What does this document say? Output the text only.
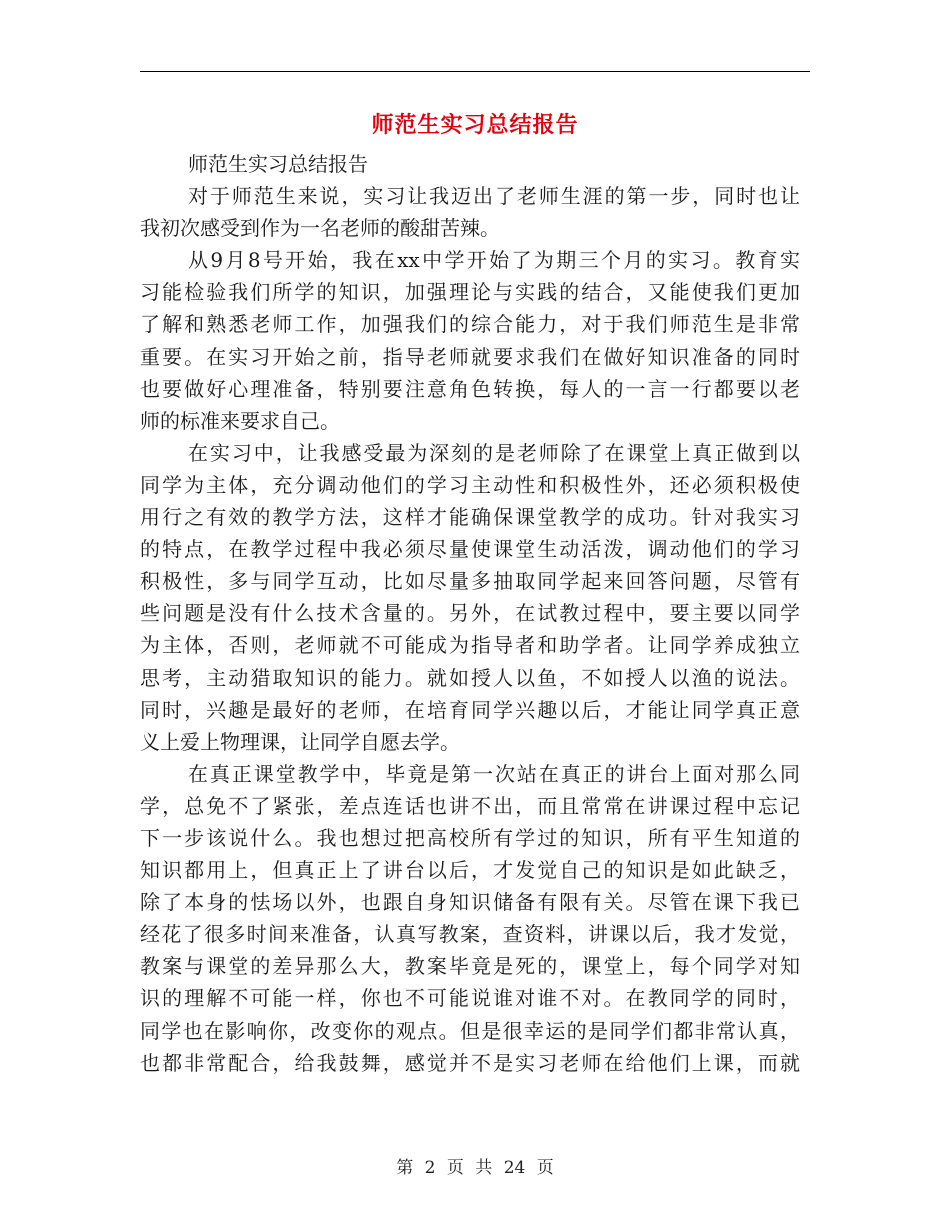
师范生实习总结报告
师范生实习总结报告
对于师范生来说，实习让我迈出了老师生涯的第一步，同时也让
我初次感受到作为一名老师的酸甜苦辣。
从9月8号开始，我在xx中学开始了为期三个月的实习。教育实
习能检验我们所学的知识，加强理论与实践的结合，又能使我们更加
了解和熟悉老师工作，加强我们的综合能力，对于我们师范生是非常
重要。在实习开始之前，指导老师就要求我们在做好知识准备的同时
也要做好心理准备，特别要注意角色转换，每人的一言一行都要以老
师的标准来要求自己。
在实习中，让我感受最为深刻的是老师除了在课堂上真正做到以
同学为主体，充分调动他们的学习主动性和积极性外，还必须积极使
用行之有效的教学方法，这样才能确保课堂教学的成功。针对我实习
的特点，在教学过程中我必须尽量使课堂生动活泼，调动他们的学习
积极性，多与同学互动，比如尽量多抽取同学起来回答问题，尽管有
些问题是没有什么技术含量的。另外，在试教过程中，要主要以同学
为主体，否则，老师就不可能成为指导者和助学者。让同学养成独立
思考，主动猎取知识的能力。就如授人以鱼，不如授人以渔的说法。
同时，兴趣是最好的老师，在培育同学兴趣以后，才能让同学真正意
义上爱上物理课，让同学自愿去学。
在真正课堂教学中，毕竟是第一次站在真正的讲台上面对那么同
学，总免不了紧张，差点连话也讲不出，而且常常在讲课过程中忘记
下一步该说什么。我也想过把高校所有学过的知识，所有平生知道的
知识都用上，但真正上了讲台以后，才发觉自己的知识是如此缺乏，
除了本身的怯场以外，也跟自身知识储备有限有关。尽管在课下我已
经花了很多时间来准备，认真写教案，查资料，讲课以后，我才发觉，
教案与课堂的差异那么大，教案毕竟是死的，课堂上，每个同学对知
识的理解不可能一样，你也不可能说谁对谁不对。在教同学的同时，
同学也在影响你，改变你的观点。但是很幸运的是同学们都非常认真，
也都非常配合，给我鼓舞，感觉并不是实习老师在给他们上课，而就
第 2 页 共 24 页
